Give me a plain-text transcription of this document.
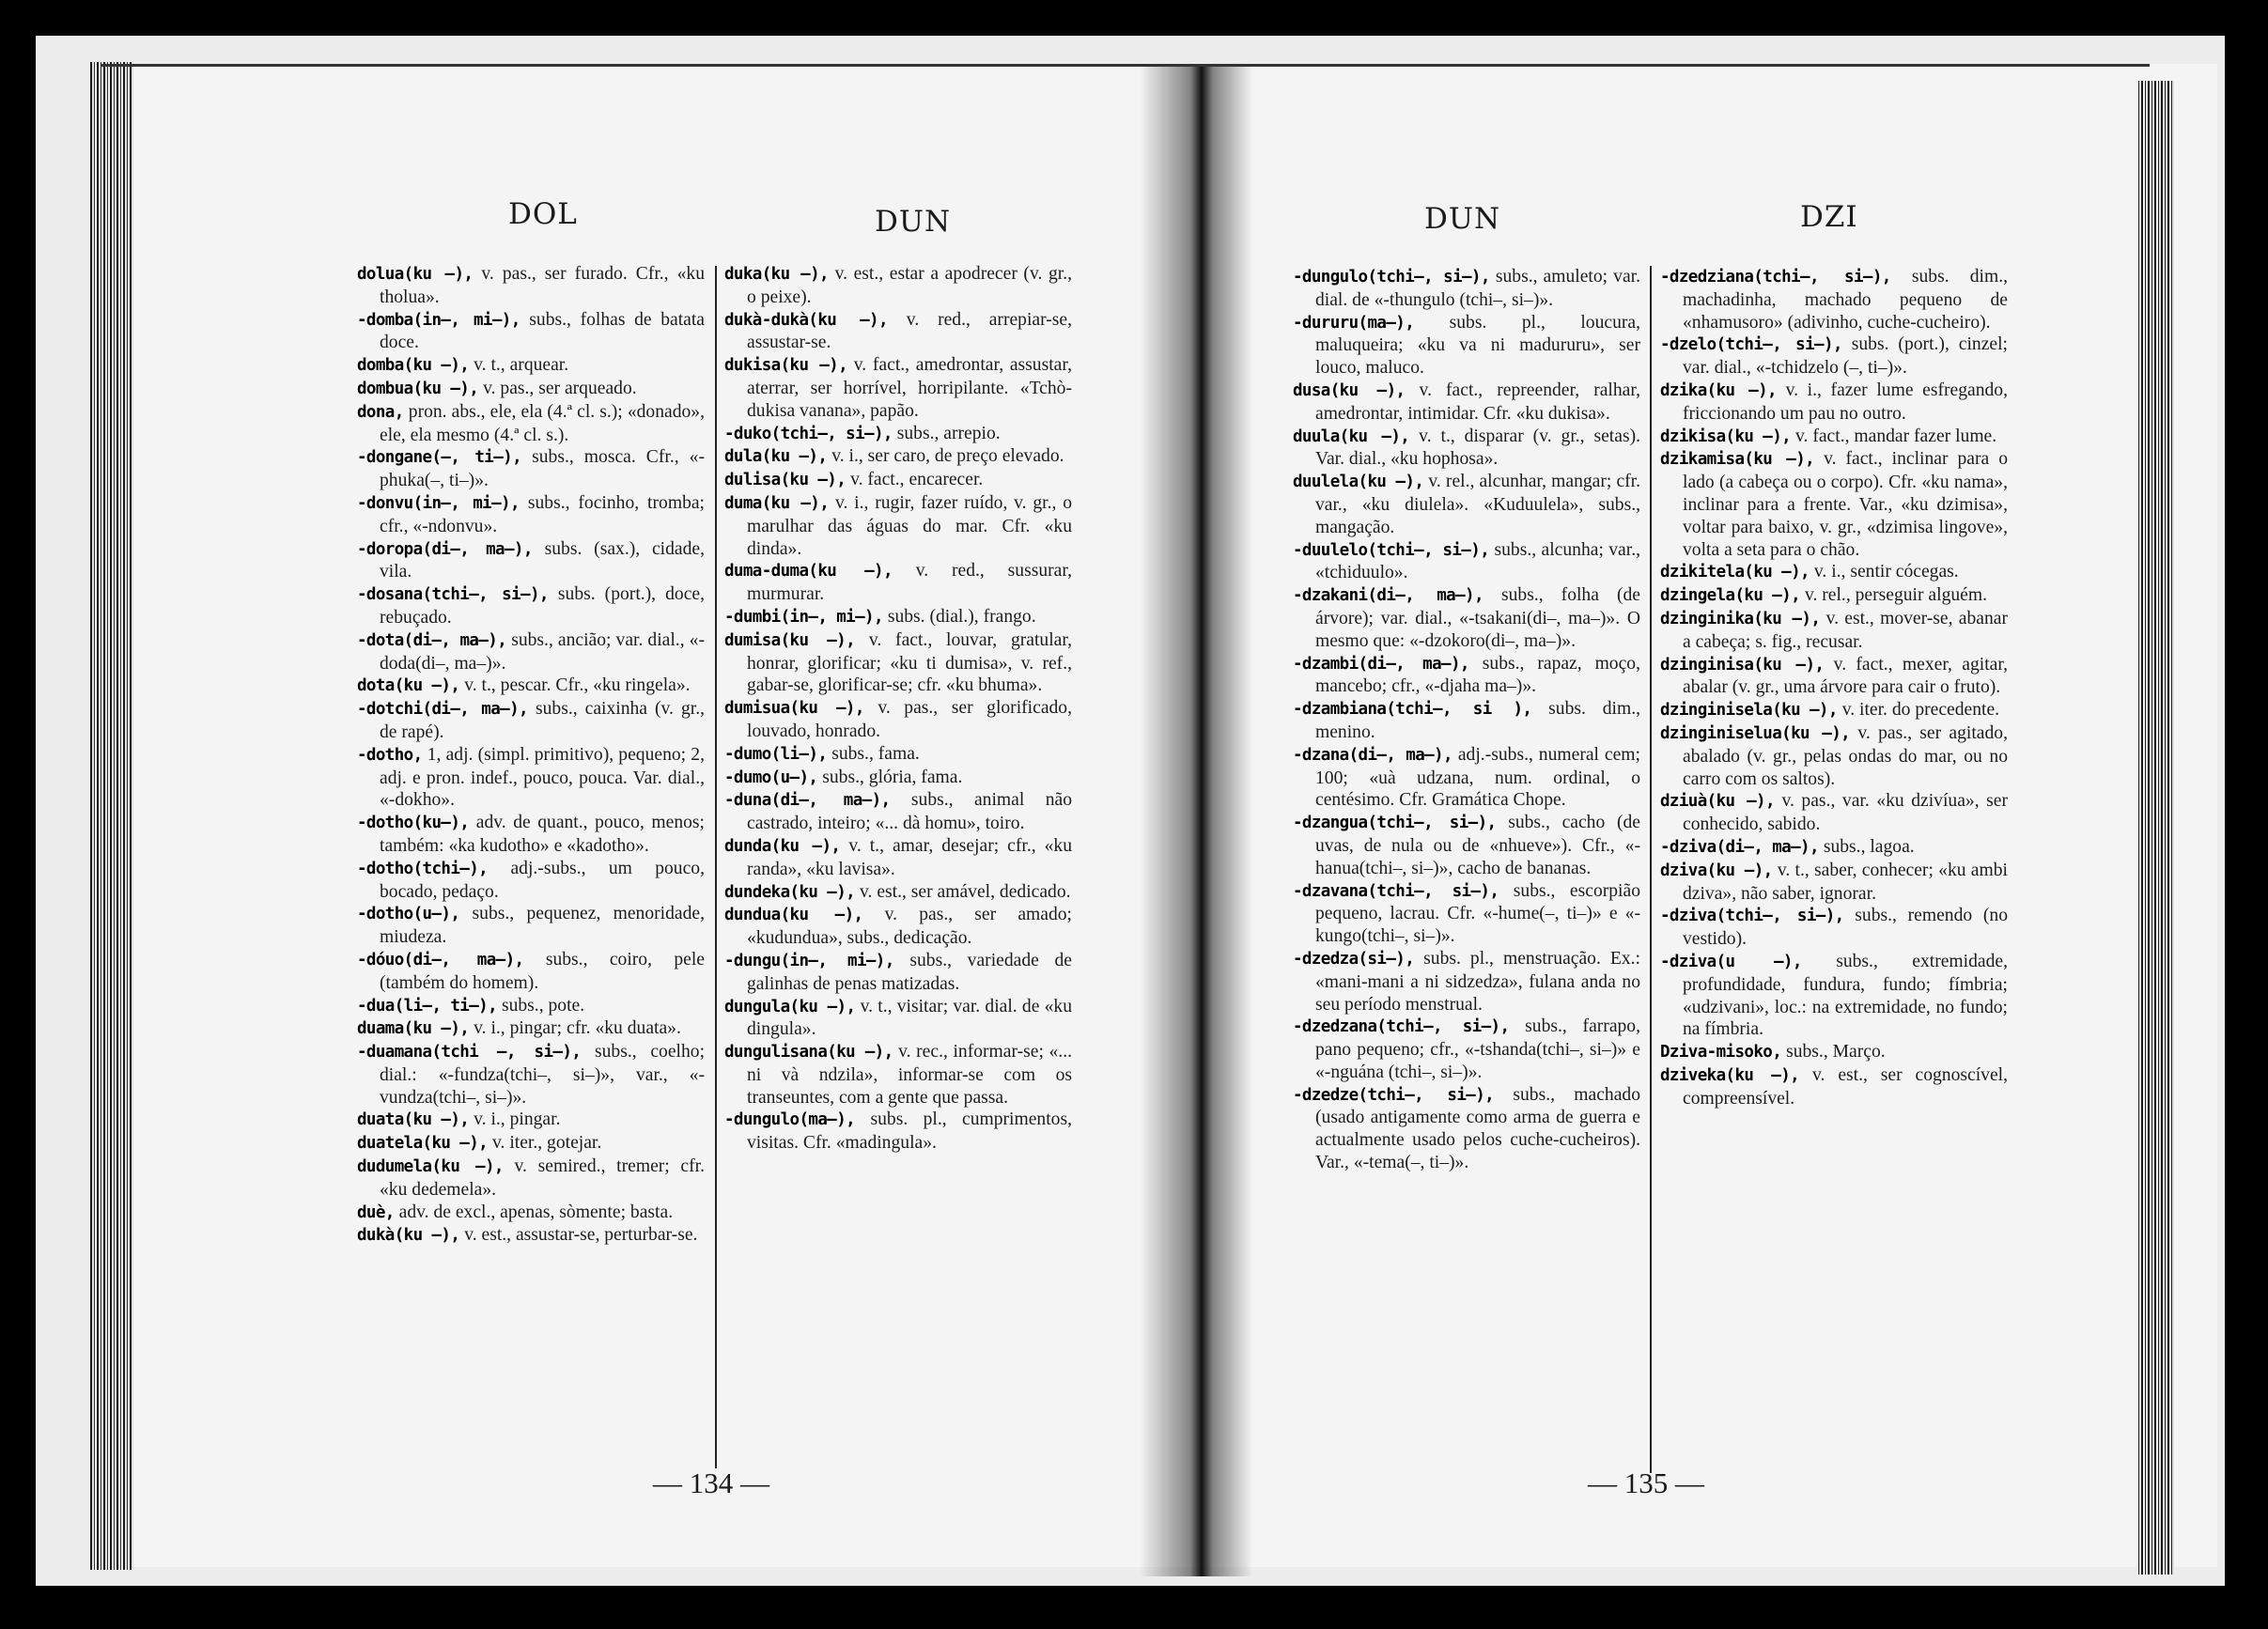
DOL	DUN	DUN	DZI

dolua(ku –), v. pas., ser furado. Cfr., «ku tholua».

-domba(in–, mi–), subs., folhas de batata doce.

domba(ku –), v. t., arquear.

dombua(ku –), v. pas., ser arqueado.

dona, pron. abs., ele, ela (4.ª cl. s.); «donado», ele, ela mesmo (4.ª cl. s.).

-dongane(–, ti–), subs., mosca. Cfr., «-phuka(–, ti–)».

-donvu(in–, mi–), subs., focinho, tromba; cfr., «-ndonvu».

-doropa(di–, ma–), subs. (sax.), cidade, vila.

-dosana(tchi–, si–), subs. (port.), doce, rebuçado.

-dota(di–, ma–), subs., ancião; var. dial., «-doda(di–, ma–)».

dota(ku –), v. t., pescar. Cfr., «ku ringela».

-dotchi(di–, ma–), subs., caixinha (v. gr., de rapé).

-dotho, 1, adj. (simpl. primitivo), pequeno; 2, adj. e pron. indef., pouco, pouca. Var. dial., «-dokho».

-dotho(ku–), adv. de quant., pouco, menos; também: «ka kudotho» e «kadotho».

-dotho(tchi–), adj.-subs., um pouco, bocado, pedaço.

-dotho(u–), subs., pequenez, menoridade, miudeza.

-dóuo(di–, ma–), subs., coiro, pele (também do homem).

-dua(li–, ti–), subs., pote.

duama(ku –), v. i., pingar; cfr. «ku duata».

-duamana(tchi –, si–), subs., coelho; dial.: «-fundza(tchi–, si–)», var., «-vundza(tchi–, si–)».

duata(ku –), v. i., pingar.

duatela(ku –), v. iter., gotejar.

dudumela(ku –), v. semired., tremer; cfr. «ku dedemela».

duè, adv. de excl., apenas, sòmente; basta.

dukà(ku –), v. est., assustar-se, perturbar-se.

duka(ku –), v. est., estar a apodrecer (v. gr., o peixe).

dukà-dukà(ku –), v. red., arrepiar-se, assustar-se.

dukisa(ku –), v. fact., amedrontar, assustar, aterrar, ser horrível, horripilante. «Tchò-dukisa vanana», papão.

-duko(tchi–, si–), subs., arrepio.

dula(ku –), v. i., ser caro, de preço elevado.

dulisa(ku –), v. fact., encarecer.

duma(ku –), v. i., rugir, fazer ruído, v. gr., o marulhar das águas do mar. Cfr. «ku dinda».

duma-duma(ku –), v. red., sussurar, murmurar.

-dumbi(in–, mi–), subs. (dial.), frango.

dumisa(ku –), v. fact., louvar, gratular, honrar, glorificar; «ku ti dumisa», v. ref., gabar-se, glorificar-se; cfr. «ku bhuma».

dumisua(ku –), v. pas., ser glorificado, louvado, honrado.

-dumo(li–), subs., fama.

-dumo(u–), subs., glória, fama.

-duna(di–, ma–), subs., animal não castrado, inteiro; «... dà homu», toiro.

dunda(ku –), v. t., amar, desejar; cfr., «ku randa», «ku lavisa».

dundeka(ku –), v. est., ser amável, dedicado.

dundua(ku –), v. pas., ser amado; «kudundua», subs., dedicação.

-dungu(in–, mi–), subs., variedade de galinhas de penas matizadas.

dungula(ku –), v. t., visitar; var. dial. de «ku dingula».

dungulisana(ku –), v. rec., informar-se; «... ni và ndzila», informar-se com os transeuntes, com a gente que passa.

-dungulo(ma–), subs. pl., cumprimentos, visitas. Cfr. «madingula».

-dungulo(tchi–, si–), subs., amuleto; var. dial. de «-thungulo (tchi–, si–)».

-dururu(ma–), subs. pl., loucura, maluqueira; «ku va ni madururu», ser louco, maluco.

dusa(ku –), v. fact., repreender, ralhar, amedrontar, intimidar. Cfr. «ku dukisa».

duula(ku –), v. t., disparar (v. gr., setas). Var. dial., «ku hophosa».

duulela(ku –), v. rel., alcunhar, mangar; cfr. var., «ku diulela». «Kuduulela», subs., mangação.

-duulelo(tchi–, si–), subs., alcunha; var., «tchiduulo».

-dzakani(di–, ma–), subs., folha (de árvore); var. dial., «-tsakani(di–, ma–)». O mesmo que: «-dzokoro(di–, ma–)».

-dzambi(di–, ma–), subs., rapaz, moço, mancebo; cfr., «-djaha ma–)».

-dzambiana(tchi–, si ), subs. dim., menino.

-dzana(di–, ma–), adj.-subs., numeral cem; 100; «uà udzana, num. ordinal, o centésimo. Cfr. Gramática Chope.

-dzangua(tchi–, si–), subs., cacho (de uvas, de nula ou de «nhueve»). Cfr., «-hanua(tchi–, si–)», cacho de bananas.

-dzavana(tchi–, si–), subs., escorpião pequeno, lacrau. Cfr. «-hume(–, ti–)» e «-kungo(tchi–, si–)».

-dzedza(si–), subs. pl., menstruação. Ex.: «mani-mani a ni sidzedza», fulana anda no seu período menstrual.

-dzedzana(tchi–, si–), subs., farrapo, pano pequeno; cfr., «-tshanda(tchi–, si–)» e «-nguána (tchi–, si–)».

-dzedze(tchi–, si–), subs., machado (usado antigamente como arma de guerra e actualmente usado pelos cuche-cucheiros). Var., «-tema(–, ti–)».

-dzedziana(tchi–, si–), subs. dim., machadinha, machado pequeno de «nhamusoro» (adivinho, cuche-cucheiro).

-dzelo(tchi–, si–), subs. (port.), cinzel; var. dial., «-tchidzelo (–, ti–)».

dzika(ku –), v. i., fazer lume esfregando, friccionando um pau no outro.

dzikisa(ku –), v. fact., mandar fazer lume.

dzikamisa(ku –), v. fact., inclinar para o lado (a cabeça ou o corpo). Cfr. «ku nama», inclinar para a frente. Var., «ku dzimisa», voltar para baixo, v. gr., «dzimisa lingove», volta a seta para o chão.

dzikitela(ku –), v. i., sentir cócegas.

dzingela(ku –), v. rel., perseguir alguém.

dzinginika(ku –), v. est., mover-se, abanar a cabeça; s. fig., recusar.

dzinginisa(ku –), v. fact., mexer, agitar, abalar (v. gr., uma árvore para cair o fruto).

dzinginisela(ku –), v. iter. do precedente.

dzinginiselua(ku –), v. pas., ser agitado, abalado (v. gr., pelas ondas do mar, ou no carro com os saltos).

dziuà(ku –), v. pas., var. «ku dzivíua», ser conhecido, sabido.

-dziva(di–, ma–), subs., lagoa.

dziva(ku –), v. t., saber, conhecer; «ku ambi dziva», não saber, ignorar.

-dziva(tchi–, si–), subs., remendo (no vestido).

-dziva(u –), subs., extremidade, profundidade, fundura, fundo; fímbria; «udzivani», loc.: na extremidade, no fundo; na fímbria.

Dziva-misoko, subs., Março.

dziveka(ku –), v. est., ser cognoscível, compreensível.

— 134 —	— 135 —
